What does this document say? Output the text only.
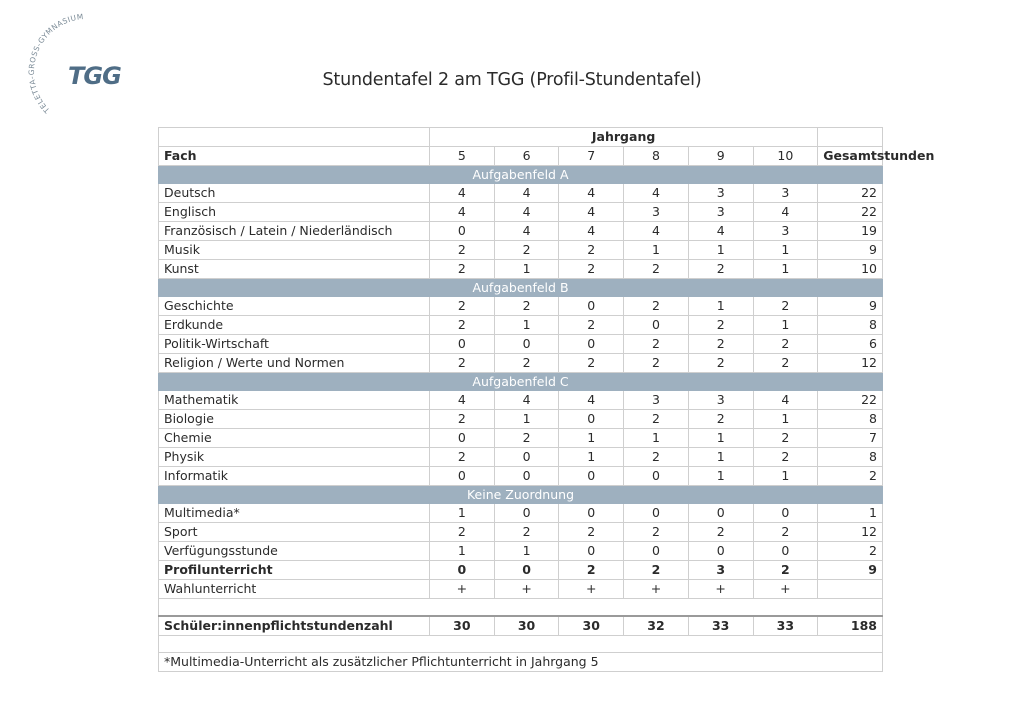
TELETTA-GROSS-GYMNASIUM
TGG	Stundentafel 2 am TGG (Profil-Stundentafel)
	Jahrgang						
Fach	5	6	7	8	9	10	Gesamtstunden
Aufgabenfeld A							
Deutsch	4	4	4	4	3	3	22
Englisch	4	4	4	3	3	4	22
Französisch / Latein / Niederländisch	0	4	4	4	4	3	19
Musik	2	2	2	1	1	1	9
Kunst	2	1	2	2	2	1	10
Aufgabenfeld B							
Geschichte	2	2	0	2	1	2	9
Erdkunde	2	1	2	0	2	1	8
Politik-Wirtschaft	0	0	0	2	2	2	6
Religion / Werte und Normen	2	2	2	2	2	2	12
Aufgabenfeld C							
Mathematik	4	4	4	3	3	4	22
Biologie	2	1	0	2	2	1	8
Chemie	0	2	1	1	1	2	7
Physik	2	0	1	2	1	2	8
Informatik	0	0	0	0	1	1	2
Keine Zuordnung							
Multimedia*	1	0	0	0	0	0	1
Sport	2	2	2	2	2	2	12
Verfügungsstunde	1	1	0	0	0	0	2
Profilunterricht	0	0	2	2	3	2	9
Wahlunterricht	+	+	+	+	+	+	

Schüler:innenpflichtstundenzahl	30	30	30	32	33	33	188

*Multimedia-Unterricht als zusätzlicher Pflichtunterricht in Jahrgang 5							
